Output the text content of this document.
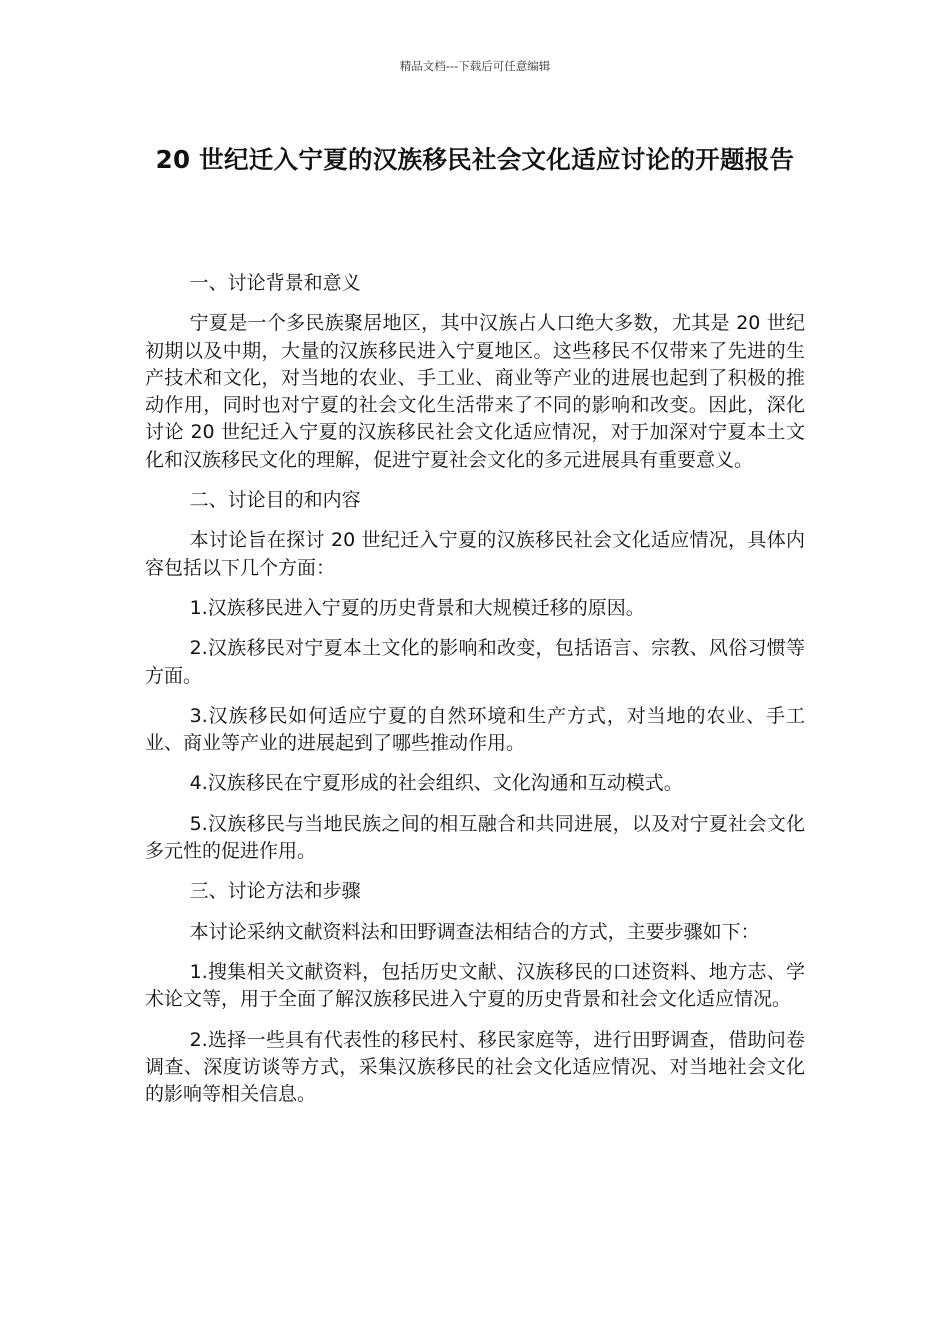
精品文档---下载后可任意编辑
20 世纪迁入宁夏的汉族移民社会文化适应讨论的开题报告

一、讨论背景和意义

宁夏是一个多民族聚居地区，其中汉族占人口绝大多数，尤其是 20 世纪初期以及中期，大量的汉族移民进入宁夏地区。这些移民不仅带来了先进的生产技术和文化，对当地的农业、手工业、商业等产业的进展也起到了积极的推动作用，同时也对宁夏的社会文化生活带来了不同的影响和改变。因此，深化讨论 20 世纪迁入宁夏的汉族移民社会文化适应情况，对于加深对宁夏本土文化和汉族移民文化的理解，促进宁夏社会文化的多元进展具有重要意义。

二、讨论目的和内容

本讨论旨在探讨 20 世纪迁入宁夏的汉族移民社会文化适应情况，具体内容包括以下几个方面：

1.汉族移民进入宁夏的历史背景和大规模迁移的原因。

2.汉族移民对宁夏本土文化的影响和改变，包括语言、宗教、风俗习惯等方面。

3.汉族移民如何适应宁夏的自然环境和生产方式，对当地的农业、手工业、商业等产业的进展起到了哪些推动作用。

4.汉族移民在宁夏形成的社会组织、文化沟通和互动模式。

5.汉族移民与当地民族之间的相互融合和共同进展，以及对宁夏社会文化多元性的促进作用。

三、讨论方法和步骤

本讨论采纳文献资料法和田野调查法相结合的方式，主要步骤如下：

1.搜集相关文献资料，包括历史文献、汉族移民的口述资料、地方志、学术论文等，用于全面了解汉族移民进入宁夏的历史背景和社会文化适应情况。

2.选择一些具有代表性的移民村、移民家庭等，进行田野调查，借助问卷调查、深度访谈等方式，采集汉族移民的社会文化适应情况、对当地社会文化的影响等相关信息。
